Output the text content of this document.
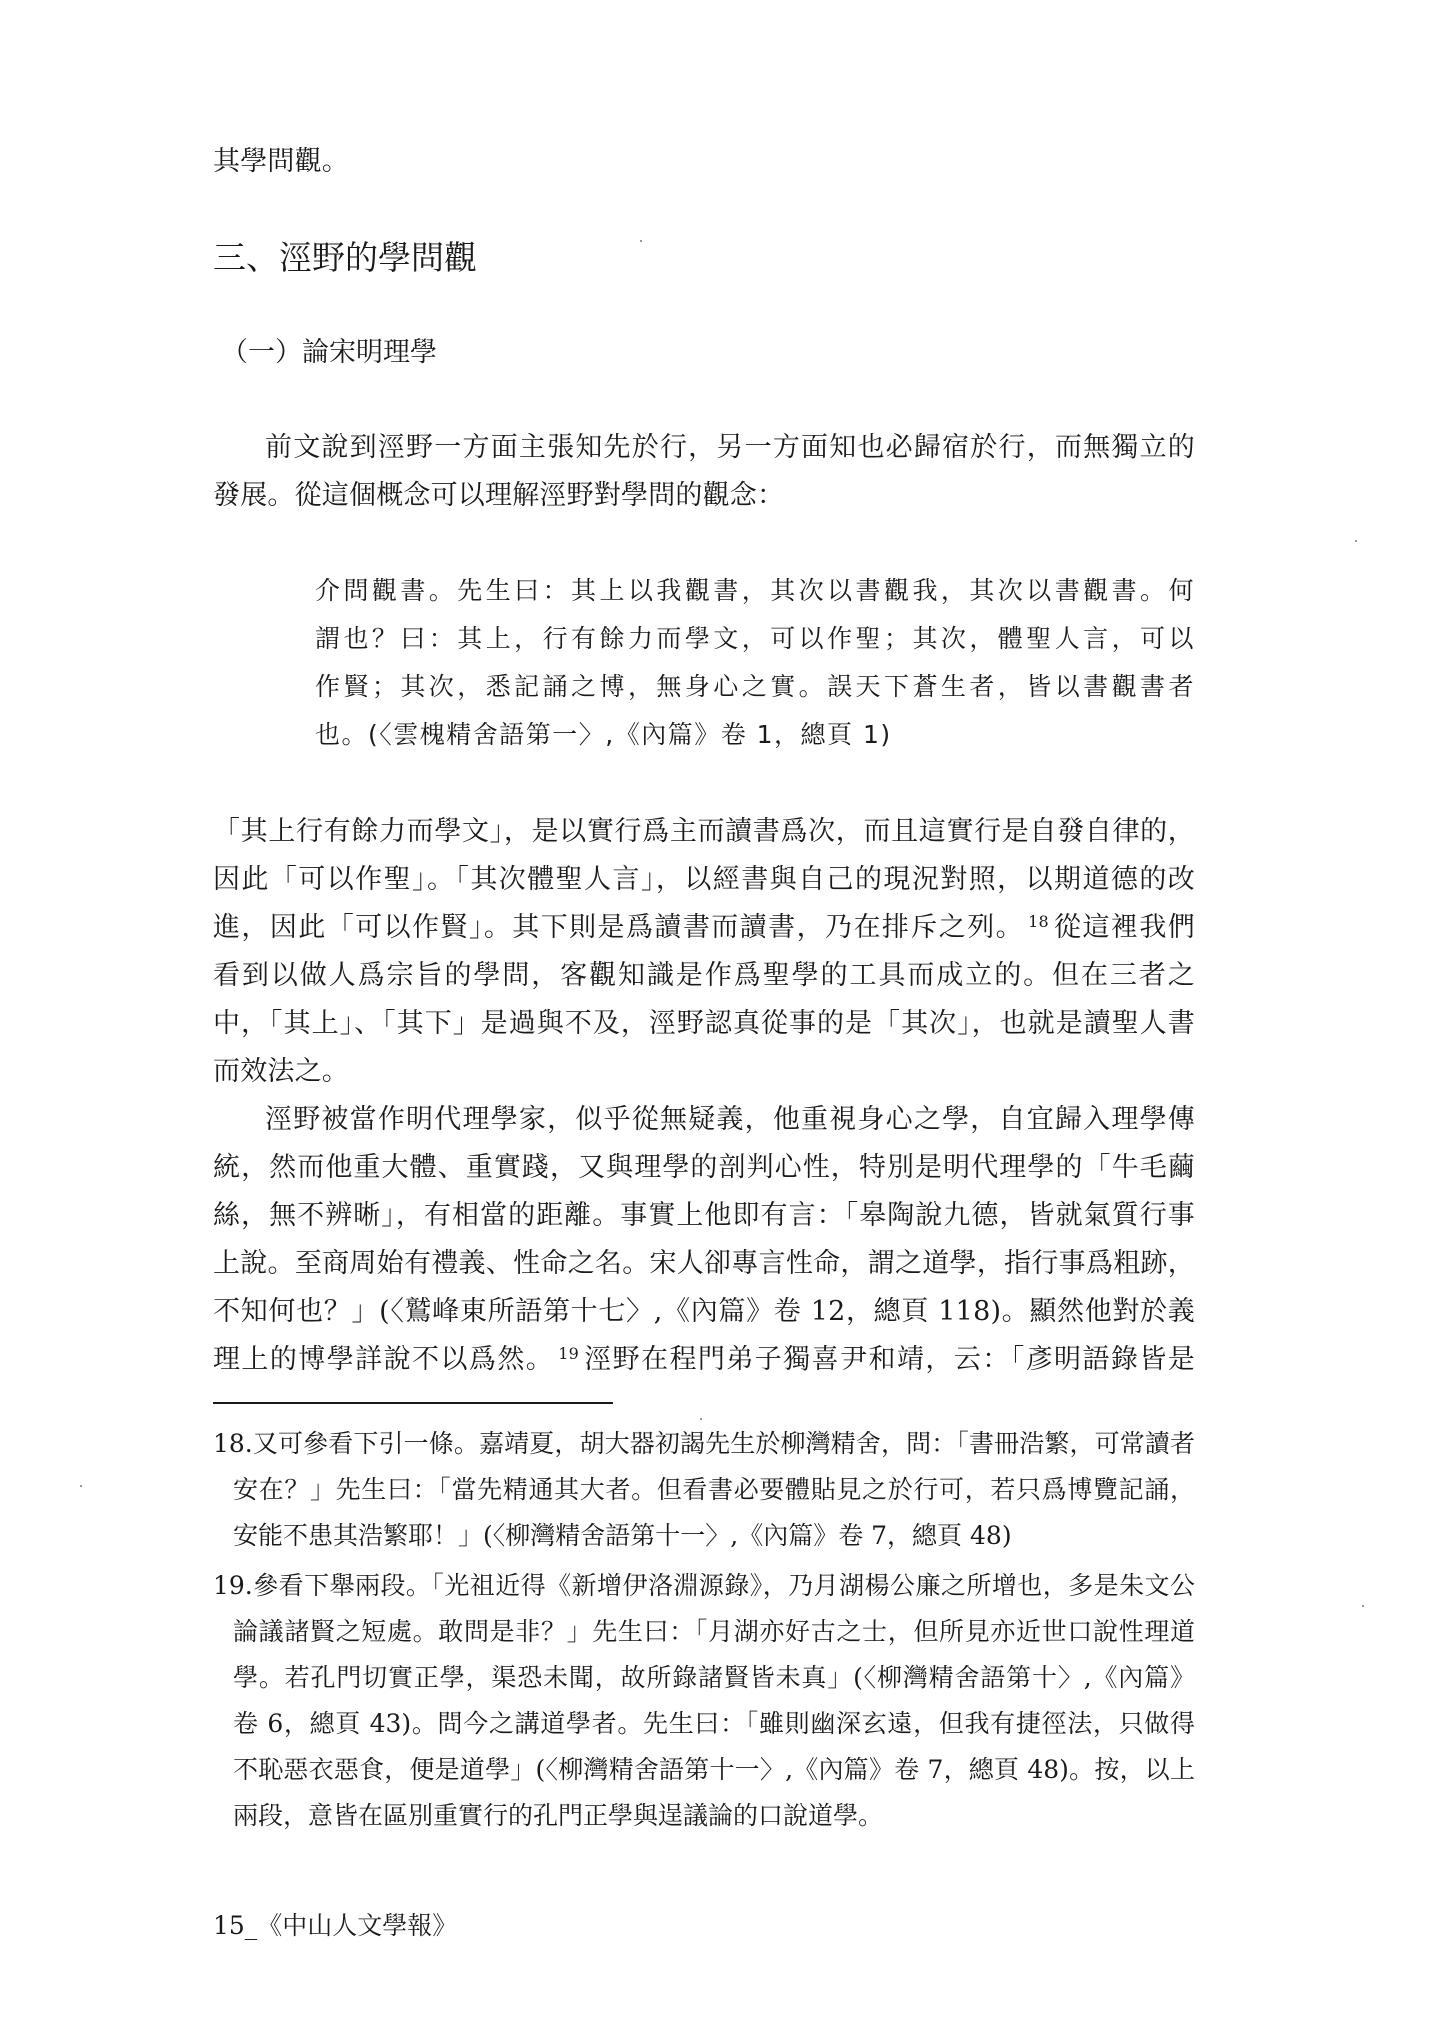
其學問觀。
三、涇野的學問觀
（一）論宋明理學
前文說到涇野一方面主張知先於行，另一方面知也必歸宿於行，而無獨立的
發展。從這個概念可以理解涇野對學問的觀念：
介問觀書。先生曰：其上以我觀書，其次以書觀我，其次以書觀書。何
謂也？曰：其上，行有餘力而學文，可以作聖；其次，體聖人言，可以
作賢；其次，悉記誦之博，無身心之實。誤天下蒼生者，皆以書觀書者
也。(〈雲槐精舍語第一〉,《內篇》卷 1，總頁 1)
「其上行有餘力而學文」，是以實行爲主而讀書爲次，而且這實行是自發自律的，
因此「可以作聖」。「其次體聖人言」，以經書與自己的現況對照，以期道德的改
進，因此「可以作賢」。其下則是爲讀書而讀書，乃在排斥之列。 $^{18}$ 從這裡我們
看到以做人爲宗旨的學問，客觀知識是作爲聖學的工具而成立的。但在三者之
中，「其上」、「其下」是過與不及，涇野認真從事的是「其次」，也就是讀聖人書
而效法之。
涇野被當作明代理學家，似乎從無疑義，他重視身心之學，自宜歸入理學傳
統，然而他重大體、重實踐，又與理學的剖判心性，特別是明代理學的「牛毛繭
絲，無不辨晰」，有相當的距離。事實上他即有言：「皋陶說九德，皆就氣質行事
上說。至商周始有禮義、性命之名。宋人卻專言性命，謂之道學，指行事爲粗跡，
不知何也？」(〈鷲峰東所語第十七〉,《內篇》卷 12，總頁 118)。顯然他對於義
理上的博學詳說不以爲然。 $^{19}$ 涇野在程門弟子獨喜尹和靖，云：「彥明語錄皆是
18.又可參看下引一條。嘉靖夏，胡大器初謁先生於柳灣精舍，問：「書冊浩繁，可常讀者
安在？」先生曰：「當先精通其大者。但看書必要體貼見之於行可，若只爲博覽記誦，
安能不患其浩繁耶！」(〈柳灣精舍語第十一〉,《內篇》卷 7，總頁 48)
19.參看下舉兩段。「光祖近得《新增伊洛淵源錄》，乃月湖楊公廉之所增也，多是朱文公
論議諸賢之短處。敢問是非？」先生曰：「月湖亦好古之士，但所見亦近世口說性理道
學。若孔門切實正學，渠恐未聞，故所錄諸賢皆未真」(〈柳灣精舍語第十〉,《內篇》
卷 6，總頁 43)。問今之講道學者。先生曰：「雖則幽深玄遠，但我有捷徑法，只做得
不恥惡衣惡食，便是道學」(〈柳灣精舍語第十一〉,《內篇》卷 7，總頁 48)。按，以上
兩段，意皆在區別重實行的孔門正學與逞議論的口說道學。
15_《中山人文學報》
